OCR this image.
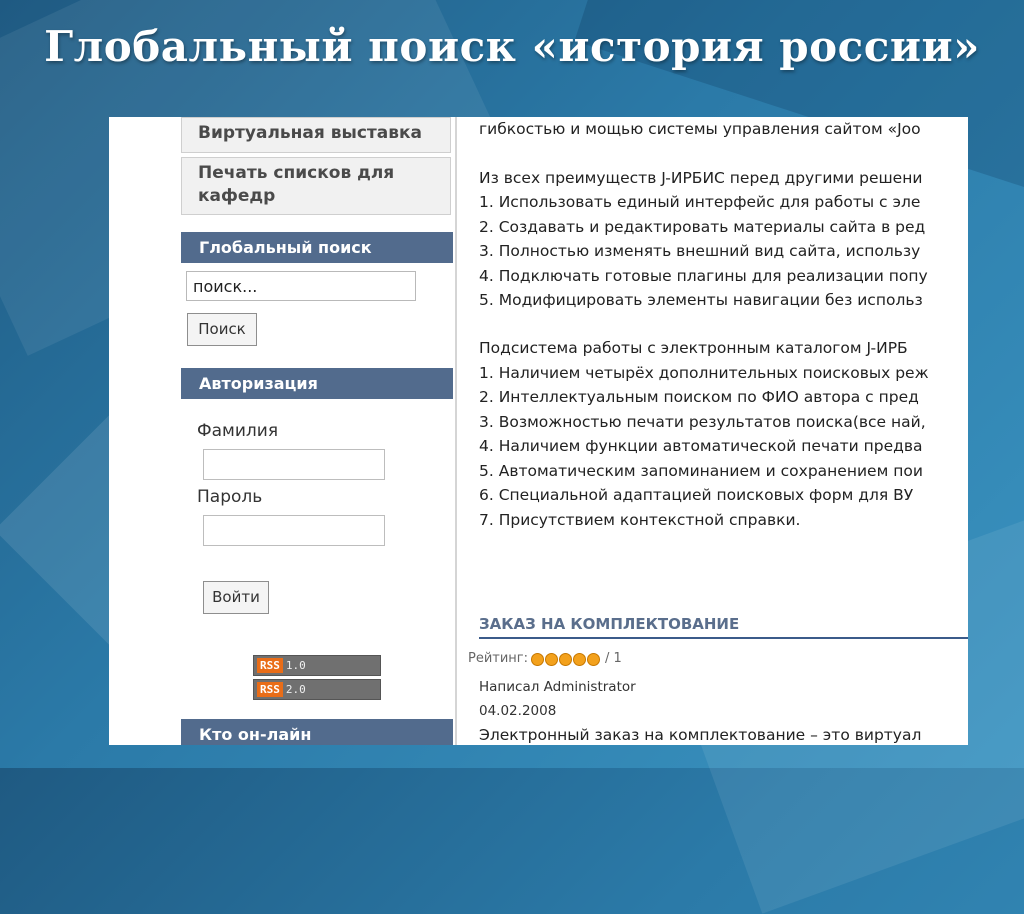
Глобальный поиск «история россии»
Виртуальная выставка
Печать списков для кафедр
Глобальный поиск
поиск...
Поиск
Авторизация
Фамилия
Пароль
Войти
RSS 1.0
RSS 2.0
Кто он-лайн
гибкостью и мощью системы управления сайтом «Joo
Из всех преимуществ J-ИРБИС перед другими решени
1. Использовать единый интерфейс для работы с эле
2. Создавать и редактировать материалы сайта в ред
3. Полностью изменять внешний вид сайта, использу
4. Подключать готовые плагины для реализации попу
5. Модифицировать элементы навигации без использ
Подсистема работы с электронным каталогом J-ИРБ
1. Наличием четырёх дополнительных поисковых реж
2. Интеллектуальным поиском по ФИО автора с пред
3. Возможностью печати результатов поиска(все най,
4. Наличием функции автоматической печати предва
5. Автоматическим запоминанием и сохранением пои
6. Специальной адаптацией поисковых форм для ВУ
7. Присутствием контекстной справки.
ЗАКАЗ НА КОМПЛЕКТОВАНИЕ
Рейтинг:	/ 1
Написал Administrator
04.02.2008
Электронный заказ на комплектование – это виртуал
